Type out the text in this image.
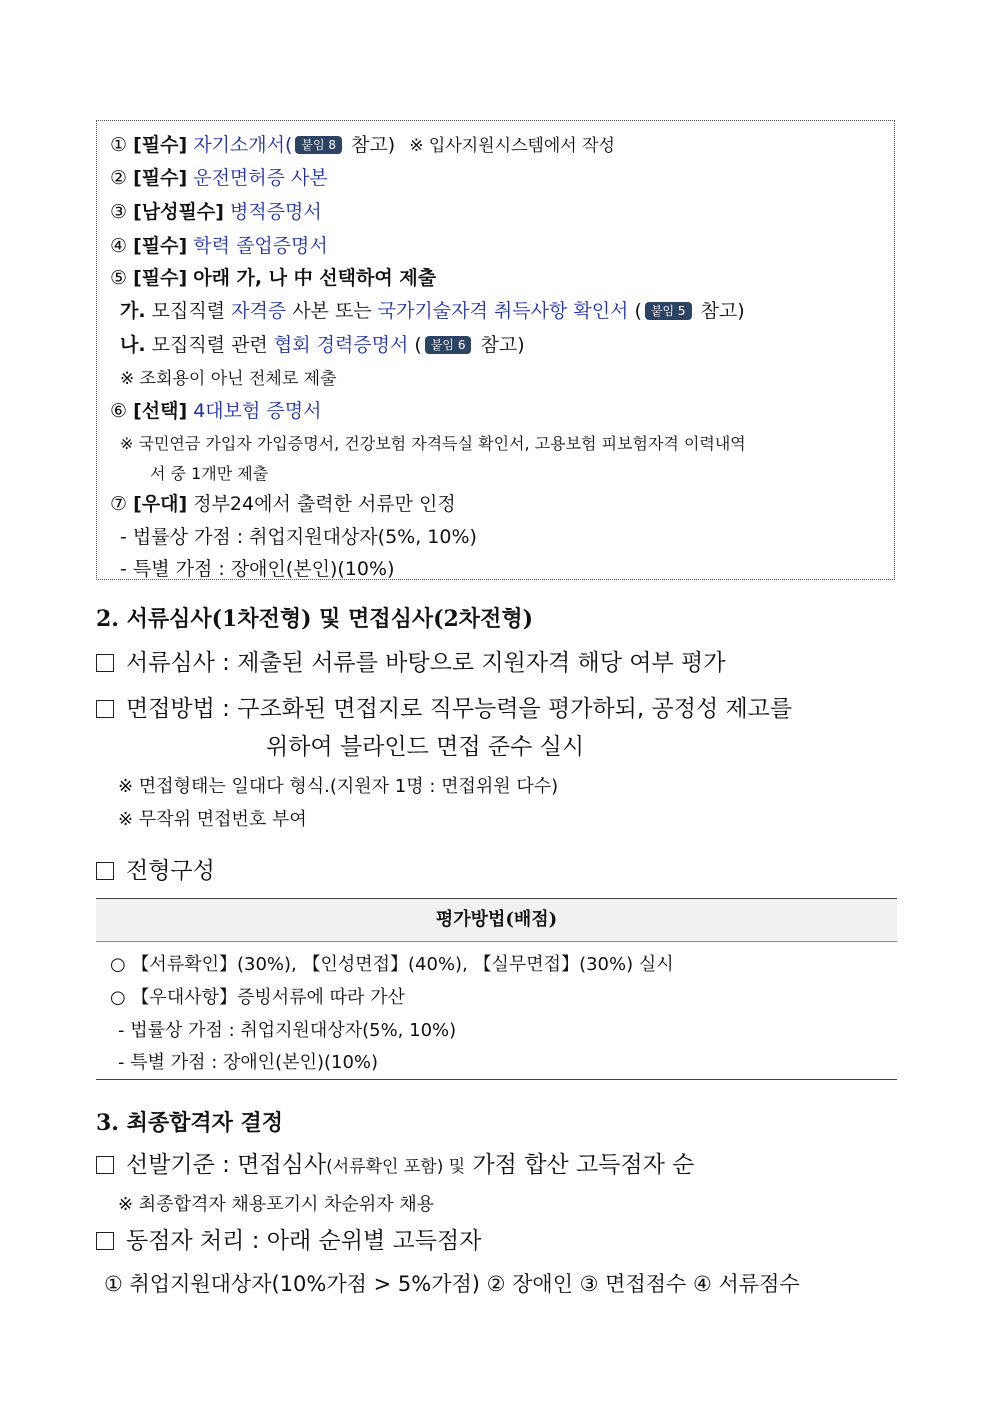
① [필수] 자기소개서( 붙임 8 참고) ※ 입사지원시스템에서 작성
② [필수] 운전면허증 사본
③ [남성필수] 병적증명서
④ [필수] 학력 졸업증명서
⑤ [필수] 아래 가, 나 中 선택하여 제출
가. 모집직렬 자격증 사본 또는 국가기술자격 취득사항 확인서 ( 붙임 5 참고)
나. 모집직렬 관련 협회 경력증명서 ( 붙임 6 참고)
※ 조회용이 아닌 전체로 제출
⑥ [선택] 4대보험 증명서
※ 국민연금 가입자 가입증명서, 건강보험 자격득실 확인서, 고용보험 피보험자격 이력내역
서 중 1개만 제출
⑦ [우대] 정부24에서 출력한 서류만 인정
- 법률상 가점 : 취업지원대상자(5%, 10%)
- 특별 가점 : 장애인(본인)(10%)
2. 서류심사(1차전형) 및 면접심사(2차전형)
서류심사 : 제출된 서류를 바탕으로 지원자격 해당 여부 평가
면접방법 : 구조화된 면접지로 직무능력을 평가하되, 공정성 제고를
위하여 블라인드 면접 준수 실시
※ 면접형태는 일대다 형식.(지원자 1명 : 면접위원 다수)
※ 무작위 면접번호 부여
전형구성
평가방법(배점)
○ 【서류확인】(30%), 【인성면접】(40%), 【실무면접】(30%) 실시
○ 【우대사항】증빙서류에 따라 가산
- 법률상 가점 : 취업지원대상자(5%, 10%)
- 특별 가점 : 장애인(본인)(10%)
3. 최종합격자 결정
선발기준 : 면접심사(서류확인 포함) 및 가점 합산 고득점자 순
※ 최종합격자 채용포기시 차순위자 채용
동점자 처리 : 아래 순위별 고득점자
① 취업지원대상자(10%가점 > 5%가점) ② 장애인 ③ 면접점수 ④ 서류점수
